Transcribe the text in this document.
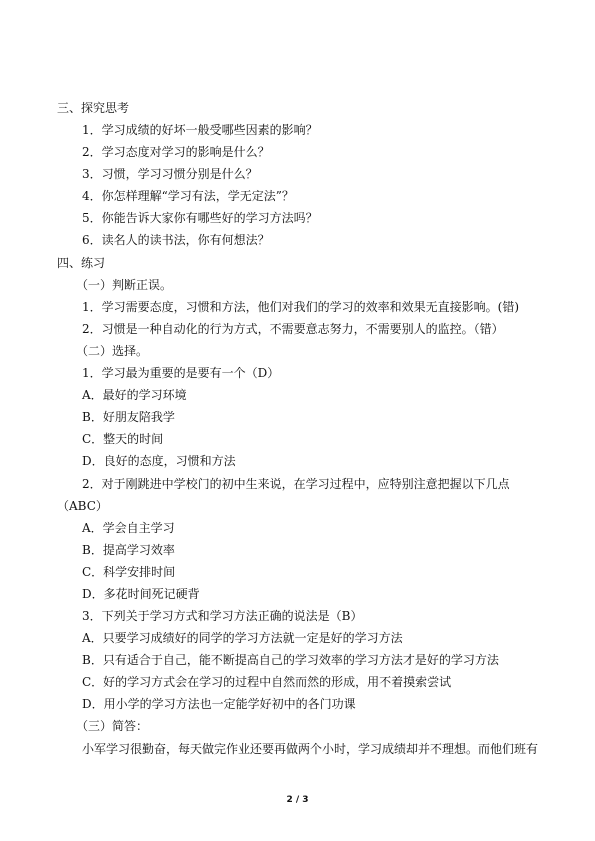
三、探究思考
1．学习成绩的好坏一般受哪些因素的影响？
2．学习态度对学习的影响是什么？
3．习惯，学习习惯分别是什么？
4．你怎样理解“学习有法，学无定法”？
5．你能告诉大家你有哪些好的学习方法吗？
6．读名人的读书法，你有何想法？
四、练习
（一）判断正误。
1．学习需要态度，习惯和方法，他们对我们的学习的效率和效果无直接影响。(错)
2．习惯是一种自动化的行为方式，不需要意志努力，不需要别人的监控。（错）
（二）选择。
1．学习最为重要的是要有一个（D）
A．最好的学习环境
B．好朋友陪我学
C．整天的时间
D．良好的态度，习惯和方法
2．对于刚跳进中学校门的初中生来说，在学习过程中，应特别注意把握以下几点
（ABC）
A．学会自主学习
B．提高学习效率
C．科学安排时间
D．多花时间死记硬背
3．下列关于学习方式和学习方法正确的说法是（B）
A．只要学习成绩好的同学的学习方法就一定是好的学习方法
B．只有适合于自己，能不断提高自己的学习效率的学习方法才是好的学习方法
C．好的学习方式会在学习的过程中自然而然的形成，用不着摸索尝试
D．用小学的学习方法也一定能学好初中的各门功课
（三）简答：
小军学习很勤奋，每天做完作业还要再做两个小时，学习成绩却并不理想。而他们班有
2 / 3
